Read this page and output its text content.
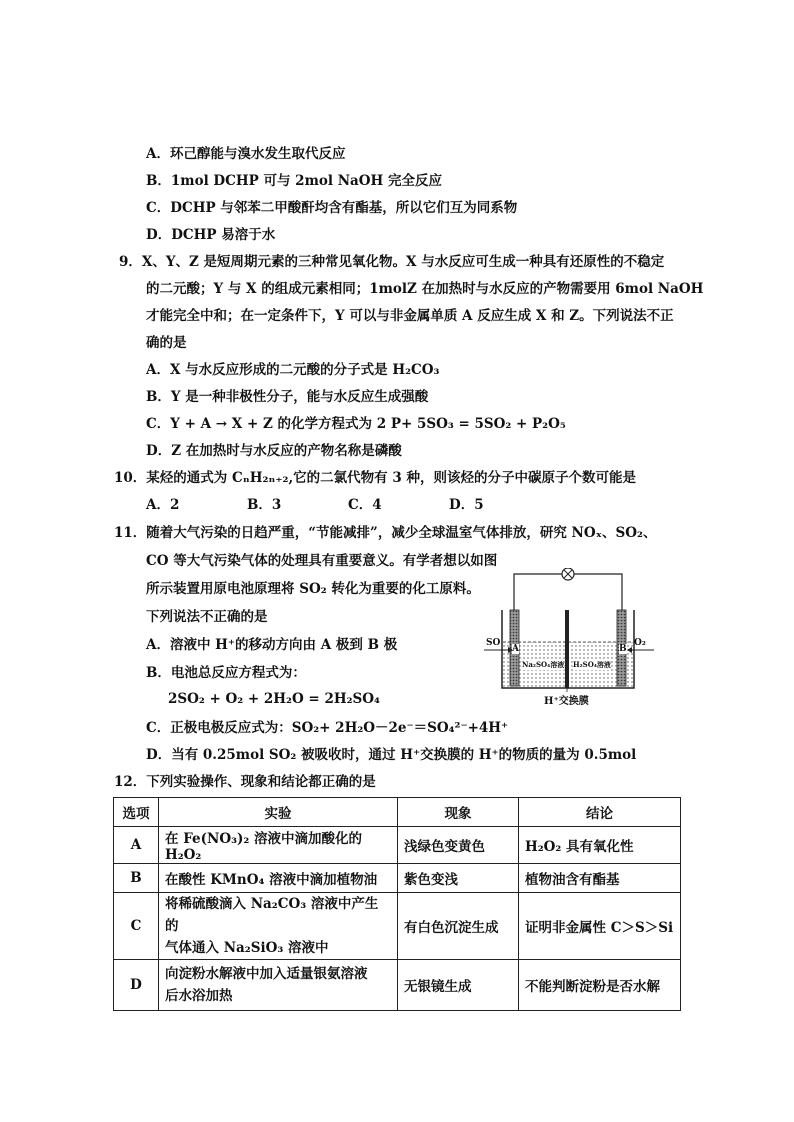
A．环己醇能与溴水发生取代反应
B．1mol DCHP 可与 2mol NaOH 完全反应
C．DCHP 与邻苯二甲酸酐均含有酯基，所以它们互为同系物
D．DCHP 易溶于水
9．X、Y、Z 是短周期元素的三种常见氧化物。X 与水反应可生成一种具有还原性的不稳定
的二元酸；Y 与 X 的组成元素相同；1molZ 在加热时与水反应的产物需要用 6mol NaOH
才能完全中和；在一定条件下，Y 可以与非金属单质 A 反应生成 X 和 Z。下列说法不正
确的是
A．X 与水反应形成的二元酸的分子式是 H₂CO₃
B．Y 是一种非极性分子，能与水反应生成强酸
C．Y + A → X + Z 的化学方程式为 2 P+ 5SO₃ = 5SO₂ + P₂O₅
D．Z 在加热时与水反应的产物名称是磷酸
10．某烃的通式为 CₙH₂ₙ₊₂,它的二氯代物有 3 种，则该烃的分子中碳原子个数可能是
A．2	B．3	C．4	D．5
11．随着大气污染的日趋严重，“节能减排”，减少全球温室气体排放，研究 NOₓ、SO₂、
CO 等大气污染气体的处理具有重要意义。有学者想以如图
所示装置用原电池原理将 SO₂ 转化为重要的化工原料。
下列说法不正确的是
A．溶液中 H⁺的移动方向由 A 极到 B 极
B．电池总反应方程式为：
2SO₂ + O₂ + 2H₂O = 2H₂SO₄
C．正极电极反应式为：SO₂+ 2H₂O－2e⁻＝SO₄²⁻+4H⁺
D．当有 0.25mol SO₂ 被吸收时，通过 H⁺交换膜的 H⁺的物质的量为 0.5mol
SO	O₂
A	B
Na₂SO₄溶液 H₂SO₄溶液
H⁺交换膜
12．下列实验操作、现象和结论都正确的是
选项	实验	现象	结论
A	在 Fe(NO₃)₂ 溶液中滴加酸化的 H₂O₂	浅绿色变黄色	H₂O₂ 具有氧化性
B	在酸性 KMnO₄ 溶液中滴加植物油	紫色变浅	植物油含有酯基
C	将稀硫酸滴入 Na₂CO₃ 溶液中产生的
气体通入 Na₂SiO₃ 溶液中	有白色沉淀生成	证明非金属性 C＞S＞Si
D	向淀粉水解液中加入适量银氨溶液
后水浴加热	无银镜生成	不能判断淀粉是否水解
